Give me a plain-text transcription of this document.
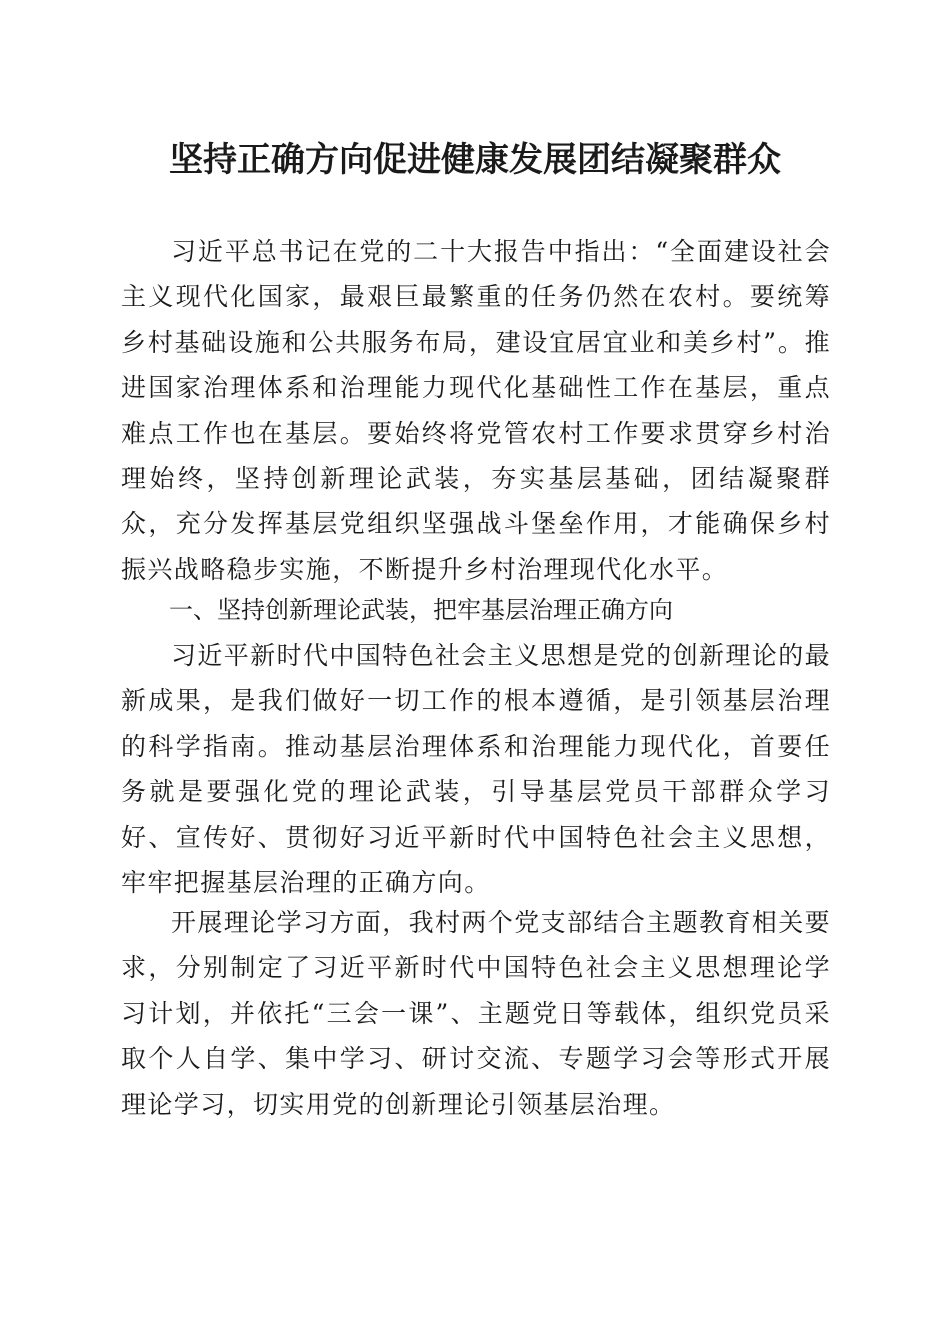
坚持正确方向促进健康发展团结凝聚群众

习近平总书记在党的二十大报告中指出：“全面建设社会主义现代化国家，最艰巨最繁重的任务仍然在农村。要统筹乡村基础设施和公共服务布局，建设宜居宜业和美乡村”。推进国家治理体系和治理能力现代化基础性工作在基层，重点难点工作也在基层。要始终将党管农村工作要求贯穿乡村治理始终，坚持创新理论武装，夯实基层基础，团结凝聚群众，充分发挥基层党组织坚强战斗堡垒作用，才能确保乡村振兴战略稳步实施，不断提升乡村治理现代化水平。

一、坚持创新理论武装，把牢基层治理正确方向

习近平新时代中国特色社会主义思想是党的创新理论的最新成果，是我们做好一切工作的根本遵循，是引领基层治理的科学指南。推动基层治理体系和治理能力现代化，首要任务就是要强化党的理论武装，引导基层党员干部群众学习好、宣传好、贯彻好习近平新时代中国特色社会主义思想，牢牢把握基层治理的正确方向。

开展理论学习方面，我村两个党支部结合主题教育相关要求，分别制定了习近平新时代中国特色社会主义思想理论学习计划，并依托“三会一课”、主题党日等载体，组织党员采取个人自学、集中学习、研讨交流、专题学习会等形式开展理论学习，切实用党的创新理论引领基层治理。
